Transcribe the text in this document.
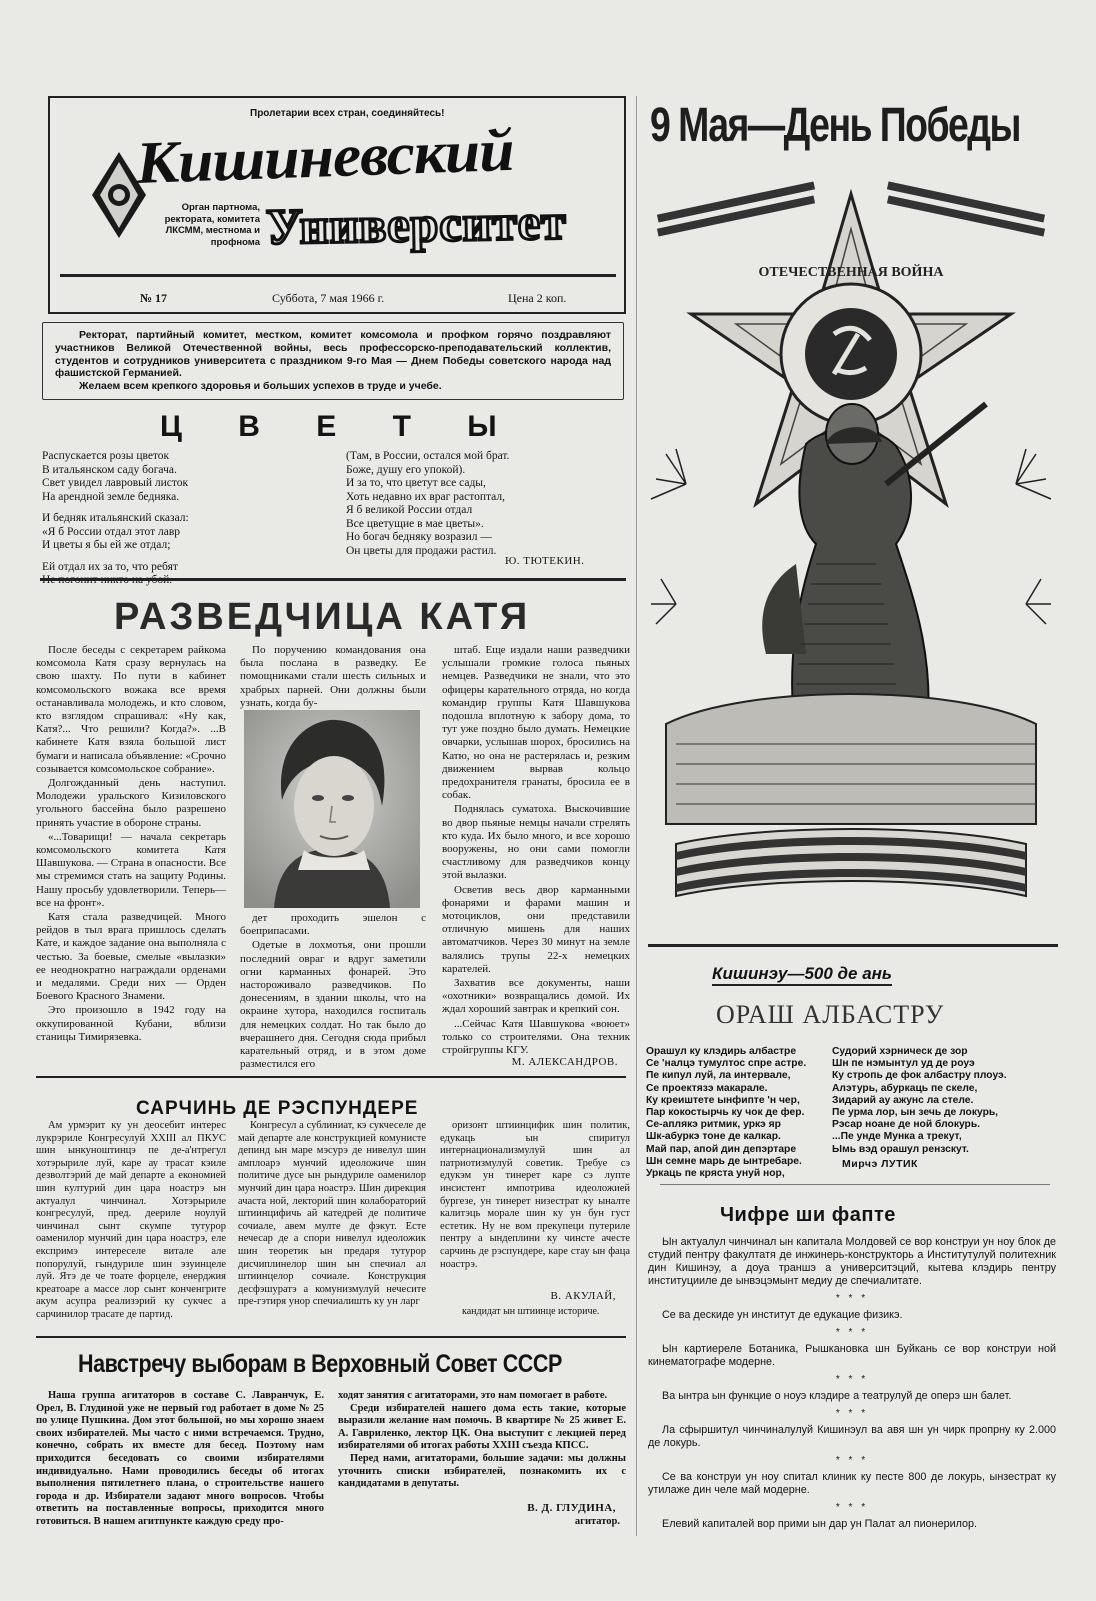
Пролетарии всех стран, соединяйтесь!
Кишиневский
Орган партнома, ректората, комитета ЛКСММ, местнома и профнома Университет
№ 17	Суббота, 7 мая 1966 г.	Цена 2 коп.
Ректорат, партийный комитет, местком, комитет комсомола и профком горячо поздравляют участников Великой Отечественной войны, весь профессорско-преподавательский коллектив, студентов и сотрудников университета с праздником 9-го Мая — Днем Победы советского народа над фашистской Германией.
Желаем всем крепкого здоровья и больших успехов в труде и учебе.
Ц В Е Т Ы
Распускается розы цветок
В итальянском саду богача.
Свет увидел лавровый листок
На арендной земле бедняка.
И бедняк итальянский сказал:
«Я б России отдал этот лавр
И цветы я бы ей же отдал;
Ей отдал их за то, что ребят
(Там, в России, остался мой брат.
Боже, душу его упокой).
И за то, что цветут все сады,
Хоть недавно их враг растоптал,
Я б великой России отдал
Все цветущие в мае цветы».
Но богач бедняку возразил —
Он цветы для продажи растил.
Ю. ТЮТЕКИН.
РАЗВЕДЧИЦА КАТЯ

После беседы с секретарем райкома комсомола Катя сразу вернулась на свою шахту. По пути в кабинет комсомольского вожака все время останавливала молодежь, и кто словом, кто взглядом спрашивал: «Ну как, Катя?... Что решили? Когда?». ...В кабинете Катя взяла большой лист бумаги и написала объявление: «Срочно созывается комсомольское собрание».

Долгожданный день наступил. Молодежи уральского Кизиловского угольного бассейна было разрешено принять участие в обороне страны.

«...Товарищи! — начала секретарь комсомольского комитета Катя Шавшукова. — Страна в опасности. Все мы стремимся стать на защиту Родины. Нашу просьбу удовлетворили. Теперь—все на фронт».

Катя стала разведчицей. Много рейдов в тыл врага пришлось сделать Кате, и каждое задание она выполняла с честью. За боевые, смелые «вылазки» ее неоднократно награждали орденами и медалями. Среди них — Орден Боевого Красного Знамени.

Это произошло в 1942 году на оккупированной Кубани, вблизи станицы Тимирязевка.

По поручению командования она была послана в разведку. Ее помощниками стали шесть сильных и храбрых парней. Они должны были узнать, когда бу-

дет проходить эшелон с боеприпасами.

Одетые в лохмотья, они прошли последний овраг и вдруг заметили огни карманных фонарей. Это настороживало разведчиков. По донесениям, в здании школы, что на окраине хутора, находился госпиталь для немецких солдат. Но так было до вчерашнего дня. Сегодня сюда прибыл карательный отряд, и в этом доме разместился его

штаб. Еще издали наши разведчики услышали громкие голоса пьяных немцев. Разведчики не знали, что это офицеры карательного отряда, но когда командир группы Катя Шавшукова подошла вплотную к забору дома, то тут уже поздно было думать. Немецкие овчарки, услышав шорох, бросились на Катю, но она не растерялась и, резким движением вырвав кольцо предохранителя гранаты, бросила ее в собак.

Поднялась суматоха. Выскочившие во двор пьяные немцы начали стрелять кто куда. Их было много, и все хорошо вооружены, но они сами помогли счастливому для разведчиков концу этой вылазки.

Осветив весь двор карманными фонарями и фарами машин и мотоциклов, они представили отличную мишень для наших автоматчиков. Через 30 минут на земле валялись трупы 22-х немецких карателей.

Захватив все документы, наши «охотники» возвращались домой. Их ждал хороший завтрак и крепкий сон.

...Сейчас Катя Шавшукова «воюет» только со строителями. Она техник стройгруппы КГУ.

М. АЛЕКСАНДРОВ.
САРЧИНЬ ДЕ РЭСПУНДЕРЕ
Ам урмэрит ку ун деосебит интерес лукрэриле Конгресулуй XXIII ал ПКУС шин ынкуноштинцэ пе де-а'нтрегул хотэрыриле луй, каре ау трасат кэиле дезволтэрий де май департе а економией шин културий дин цара ноастрэ ын актуалул чинчинал. Хотэрыриле конгресулуй, пред. деериле ноулуй чинчинал сынт скумпе тутурор оаменилор мунчий дин цара ноастрэ, еле експримэ интереселе витале але попорулуй, гындуриле шин эзуинцеле луй. Ятэ де че тоате форцеле, енерджия креатоаре а массе лор сынт конченгрите акум асупра реализэрий ку сукчес а сарчинилор трасате де партид.
Конгресул а сублиниат, кэ сукчеселе де май департе але конструкцией комунисте депинд ын маре мэсурэ де нивелул шин амплоарэ мунчий идеоложиче шин политиче дусе ын рындуриле оаменилор мунчий дин цара ноастрэ. Шин дирекция ачаста ной, лекторий шин колабораторий штиинцифичь ай катедрей де политиче сочиале, авем мулте де фэкут. Есте нечесар де а спори нивелул идеоложик шин теоретик ын предаря тутурор дисчиплинелор шин ын спечиал ал штиинцелор сочиале. Конструкция десфэшуратэ а комунизмулуй нечесите пре-гэтиря унор спечиалишть ку ун ларг
оризонт штиинцифик шин политик, едукаць ын спиритул интернационализмулуй шин ал патриотизмулуй советик. Требуе сэ едукэм ун тинерет каре сэ лупте инсистент импотрива идеоложией бургезе, ун тинерет низестрат ку ыналте калитэць морале шин ку ун бун густ естетик. Ну не вом прекупеци путериле пентру а ындеплини ку чинсте ачесте сарчинь де рэспундере, каре стау ын фаца ноастрэ.
В. АКУЛАЙ,
кандидат ын штиинце историче.
Навстречу выборам в Верховный Совет СССР
Наша группа агитаторов в составе С. Лавранчук, Е. Орел, В. Глудиной уже не первый год работает в доме № 25 по улице Пушкина. Дом этот большой, но мы хорошо знаем своих избирателей. Мы часто с ними встречаемся. Трудно, конечно, собрать их вместе для бесед. Поэтому нам приходится беседовать со своими избирателями индивидуально. Нами проводились беседы об итогах выполнения пятилетнего плана, о строительстве нашего города и др. Избиратели задают много вопросов. Чтобы ответить на поставленные вопросы, приходится много готовиться. В нашем агитпункте каждую среду про-
ходят занятия с агитаторами, это нам помогает в работе.
Среди избирателей нашего дома есть такие, которые выразили желание нам помочь. В квартире № 25 живет Е. А. Гавриленко, лектор ЦК. Она выступит с лекцией перед избирателями об итогах работы XXIII съезда КПСС.
Перед нами, агитаторами, большие задачи: мы должны уточнить списки избирателей, познакомить их с кандидатами в депутаты.
В. Д. ГЛУДИНА,
агитатор.
9 Мая—День Победы
ОТЕЧЕСТВЕННАЯ ВОЙНА
Кишинэу—500 де ань
ОРАШ АЛБАСТРУ
Орашул ку клэдирь албастре
Се 'налцэ тумултос спре астре.
Пе кипул луй, ла интервале,
Се проектязэ макарале.
Ку креиштете ынфипте 'н чер,
Пар кокостырчь ку чок де фер.
Се-аплякэ ритмик, уркэ яр
Шк-абуркэ тоне де калкар.
Май пар, апой дин депэртаре
Шн семне марь де ынтребаре.
Уркаць пе кряста унуй нор,
Судорий хэрническ де зор
Шн пе нэмынтул уд де роуэ
Ку стропь де фок албастру плоуэ.
Алэтурь, абуркаць пе скеле,
Зидарий ау ажунс ла стеле.
Пе урма лор, ын зечь де локурь,
Рэсар ноане де ной блокурь.
...Пе унде Мунка а трекут,
Ымь вэд орашул рензскут.
Мирчэ ЛУТИК
Чифре ши фапте
Ын актуалул чинчинал ын капитала Молдовей се вор конструи ун ноу блок де студий пентру факултатя де инжинерь-конструкторь а Институтулуй политехник дин Кишинэу, а доуа траншэ а университэций, кытева клэдирь пентру институцииле де ынвэцэмынт медиу де спечиалитате.
* * *
Се ва дескиде ун институт де едукацие физикэ.
* * *
Ын картиереле Ботаника, Рышкановка шн Буйкань се вор конструи ной кинематографе модерне.
* * *
Ва ынтра ын функцие о ноуэ клэдире а театрулуй де оперэ шн балет.
* * *
Ла сфыршитул чинчиналулуй Кишинэул ва авя шн ун чирк пропрну ку 2.000 де локурь.
* * *
Се ва конструи ун ноу спитал клиник ку песте 800 де локурь, ынзестрат ку утилаже дин челе май модерне.
* * *
Елевий капиталей вор прими ын дар ун Палат ал пионерилор.
